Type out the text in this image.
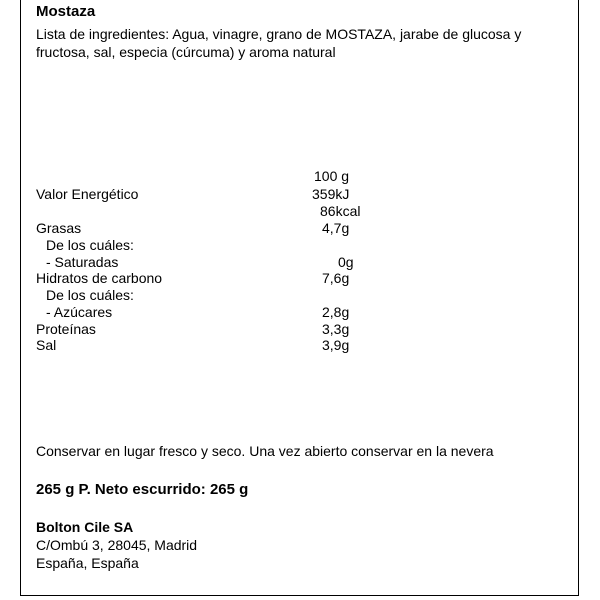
Mostaza
Lista de ingredientes: Agua, vinagre, grano de MOSTAZA, jarabe de glucosa y
fructosa, sal, especia (cúrcuma) y aroma natural
100 g
Valor Energético	359kJ
86kcal
Grasas	4,7g
De los cuáles:
- Saturadas	0g
Hidratos de carbono	7,6g
De los cuáles:
- Azúcares	2,8g
Proteínas	3,3g
Sal	3,9g
Conservar en lugar fresco y seco. Una vez abierto conservar en la nevera
265 g P. Neto escurrido: 265 g
Bolton Cile SA
C/Ombú 3, 28045, Madrid
España, España
